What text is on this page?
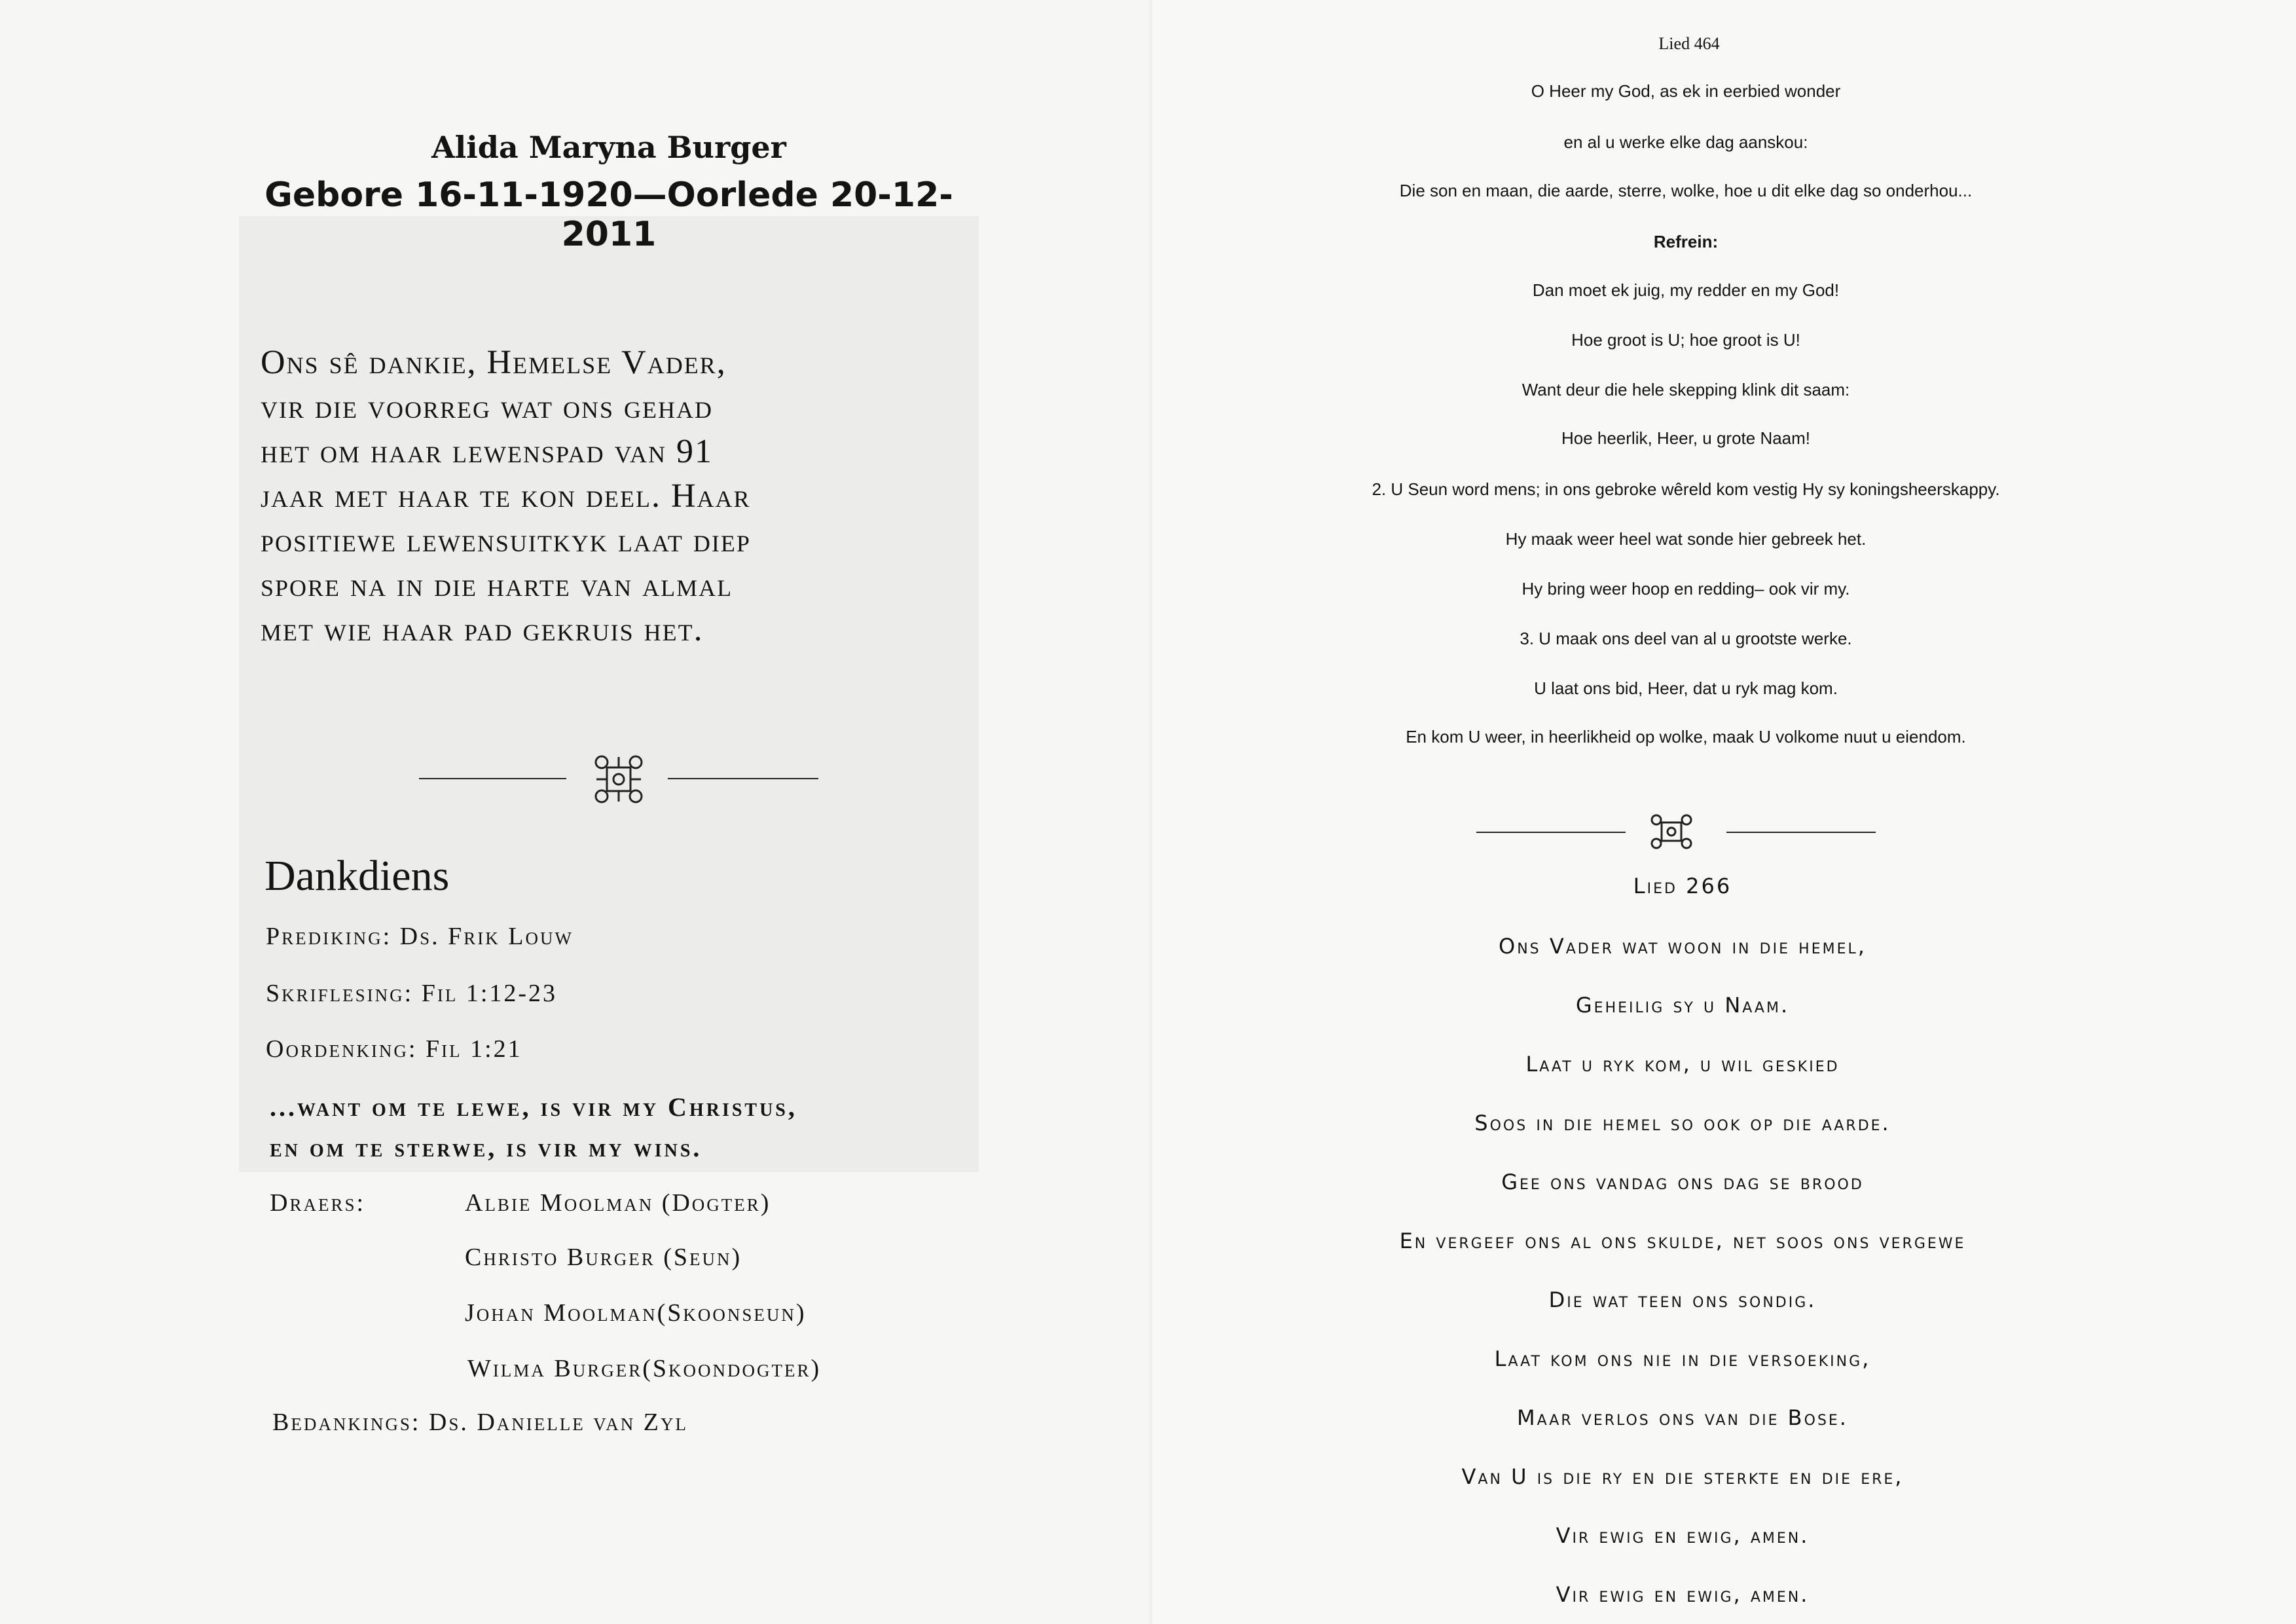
Alida Maryna Burger
Gebore 16-11-1920—Oorlede 20-12-2011
Ons sê dankie, Hemelse Vader,
vir die voorreg wat ons gehad
het om haar lewenspad van 91
jaar met haar te kon deel. Haar
positiewe lewensuitkyk laat diep
spore na in die harte van almal
met wie haar pad gekruis het.
Dankdiens
Prediking: Ds. Frik Louw
Skriflesing: Fil 1:12-23
Oordenking: Fil 1:21
...want om te lewe, is vir my Christus,
en om te sterwe, is vir my wins.
Draers:	Albie Moolman (Dogter)
Christo Burger (Seun)
Johan Moolman(Skoonseun)
Wilma Burger(Skoondogter)
Bedankings: Ds. Danielle van Zyl
Lied 464
O Heer my God, as ek in eerbied wonder
en al u werke elke dag aanskou:
Die son en maan, die aarde, sterre, wolke, hoe u dit elke dag so onderhou...
Refrein:
Dan moet ek juig, my redder en my God!
Hoe groot is U; hoe groot is U!
Want deur die hele skepping klink dit saam:
Hoe heerlik, Heer, u grote Naam!
2. U Seun word mens; in ons gebroke wêreld kom vestig Hy sy koningsheerskappy.
Hy maak weer heel wat sonde hier gebreek het.
Hy bring weer hoop en redding– ook vir my.
3. U maak ons deel van al u grootste werke.
U laat ons bid, Heer, dat u ryk mag kom.
En kom U weer, in heerlikheid op wolke, maak U volkome nuut u eiendom.
Lied 266
Ons Vader wat woon in die hemel,
Geheilig sy u Naam.
Laat u ryk kom, u wil geskied
Soos in die hemel so ook op die aarde.
Gee ons vandag ons dag se brood
En vergeef ons al ons skulde, net soos ons vergewe
Die wat teen ons sondig.
Laat kom ons nie in die versoeking,
Maar verlos ons van die Bose.
Van U is die ry en die sterkte en die ere,
Vir ewig en ewig, amen.
Vir ewig en ewig, amen.
